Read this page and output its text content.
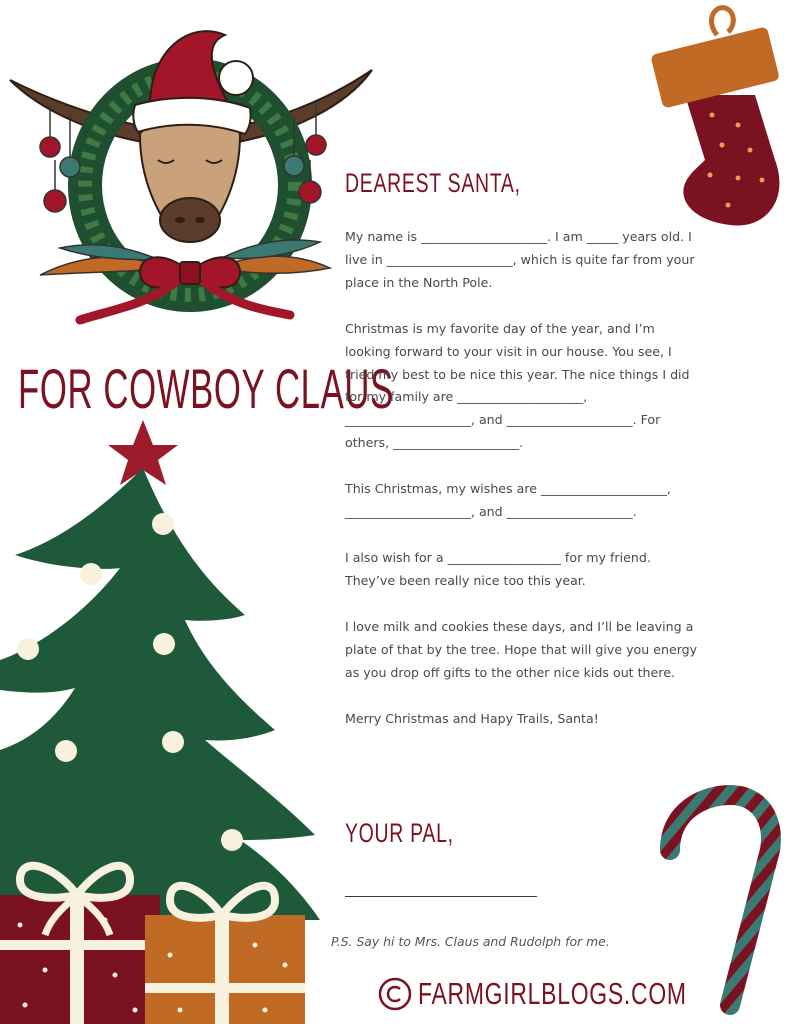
FOR COWBOY CLAUS
DEAREST SANTA,

My name is ____________________. I am _____ years old. I live in ____________________, which is quite far from your place in the North Pole.

Christmas is my favorite day of the year, and I’m looking forward to your visit in our house. You see, I tried my best to be nice this year. The nice things I did for my family are ____________________, ____________________, and ____________________. For others, ____________________.

This Christmas, my wishes are ____________________, ____________________, and ____________________.

I also wish for a __________________ for my friend. They’ve been really nice too this year.

I love milk and cookies these days, and I’ll be leaving a plate of that by the tree. Hope that will give you energy as you drop off gifts to the other nice kids out there.

Merry Christmas and Hapy Trails, Santa!

YOUR PAL,
P.S. Say hi to Mrs. Claus and Rudolph for me.
FARMGIRLBLOGS.COM
